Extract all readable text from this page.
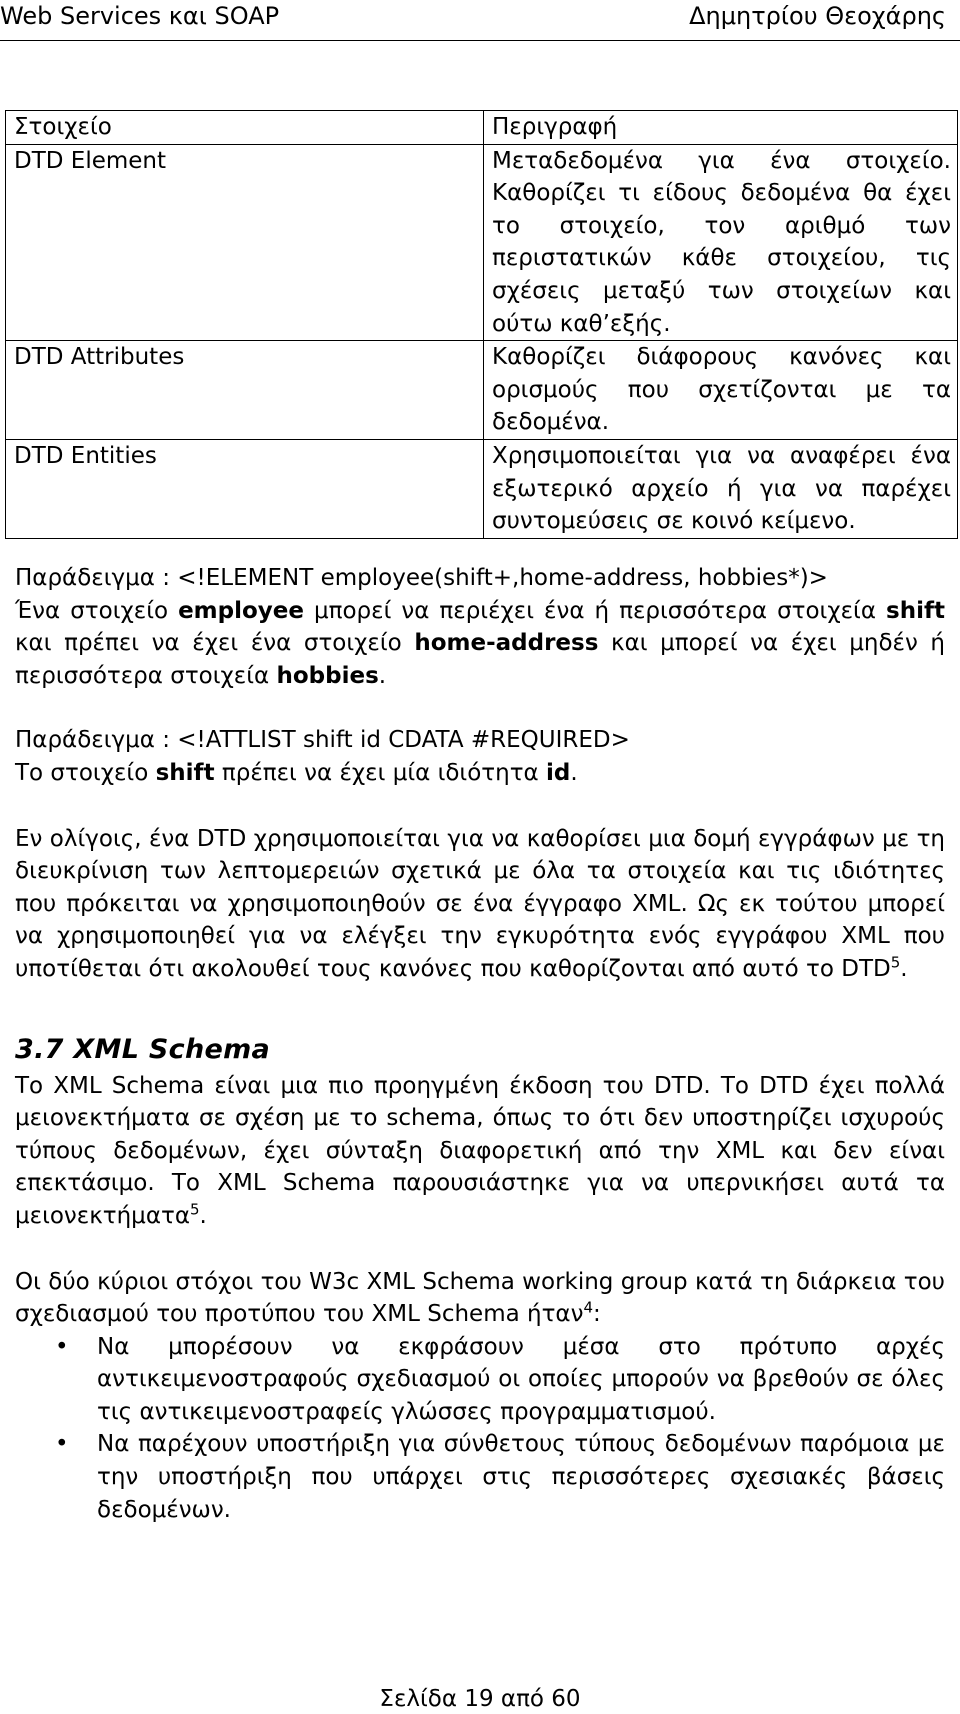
Web Services και SOAP	Δημητρίου Θεοχάρης
Στοιχείο	Περιγραφή
DTD Element	Μεταδεδομένα για ένα στοιχείο. Καθορίζει τι είδους δεδομένα θα έχει το στοιχείο, τον αριθμό των περιστατικών κάθε στοιχείου, τις σχέσεις μεταξύ των στοιχείων και ούτω καθ’εξής.
DTD Attributes	Καθορίζει διάφορους κανόνες και ορισμούς που σχετίζονται με τα δεδομένα.
DTD Entities	Χρησιμοποιείται για να αναφέρει ένα εξωτερικό αρχείο ή για να παρέχει συντομεύσεις σε κοινό κείμενο.

Παράδειγμα : <!ELEMENT employee(shift+,home-address, hobbies*)>

Ένα στοιχείο employee μπορεί να περιέχει ένα ή περισσότερα στοιχεία shift και πρέπει να έχει ένα στοιχείο home-address και μπορεί να έχει μηδέν ή περισσότερα στοιχεία hobbies.

Παράδειγμα : <!ATTLIST shift id CDATA #REQUIRED>

Το στοιχείο shift πρέπει να έχει μία ιδιότητα id.

Εν ολίγοις, ένα DTD χρησιμοποιείται για να καθορίσει μια δομή εγγράφων με τη διευκρίνιση των λεπτομερειών σχετικά με όλα τα στοιχεία και τις ιδιότητες που πρόκειται να χρησιμοποιηθούν σε ένα έγγραφο XML. Ως εκ τούτου μπορεί να χρησιμοποιηθεί για να ελέγξει την εγκυρότητα ενός εγγράφου XML που υποτίθεται ότι ακολουθεί τους κανόνες που καθορίζονται από αυτό το DTD$^5$.

3.7 XML Schema

Το XML Schema είναι μια πιο προηγμένη έκδοση του DTD. Το DTD έχει πολλά μειονεκτήματα σε σχέση με το schema, όπως το ότι δεν υποστηρίζει ισχυρούς τύπους δεδομένων, έχει σύνταξη διαφορετική από την XML και δεν είναι επεκτάσιμο. Το XML Schema παρουσιάστηκε για να υπερνικήσει αυτά τα μειονεκτήματα$^5$.

Οι δύο κύριοι στόχοι του W3c XML Schema working group κατά τη διάρκεια του σχεδιασμού του προτύπου του XML Schema ήταν$^4$:

• Να μπορέσουν να εκφράσουν μέσα στο πρότυπο αρχές αντικειμενοστραφούς σχεδιασμού οι οποίες μπορούν να βρεθούν σε όλες τις αντικειμενοστραφείς γλώσσες προγραμματισμού.
• Να παρέχουν υποστήριξη για σύνθετους τύπους δεδομένων παρόμοια με την υποστήριξη που υπάρχει στις περισσότερες σχεσιακές βάσεις δεδομένων.
Σελίδα 19 από 60
